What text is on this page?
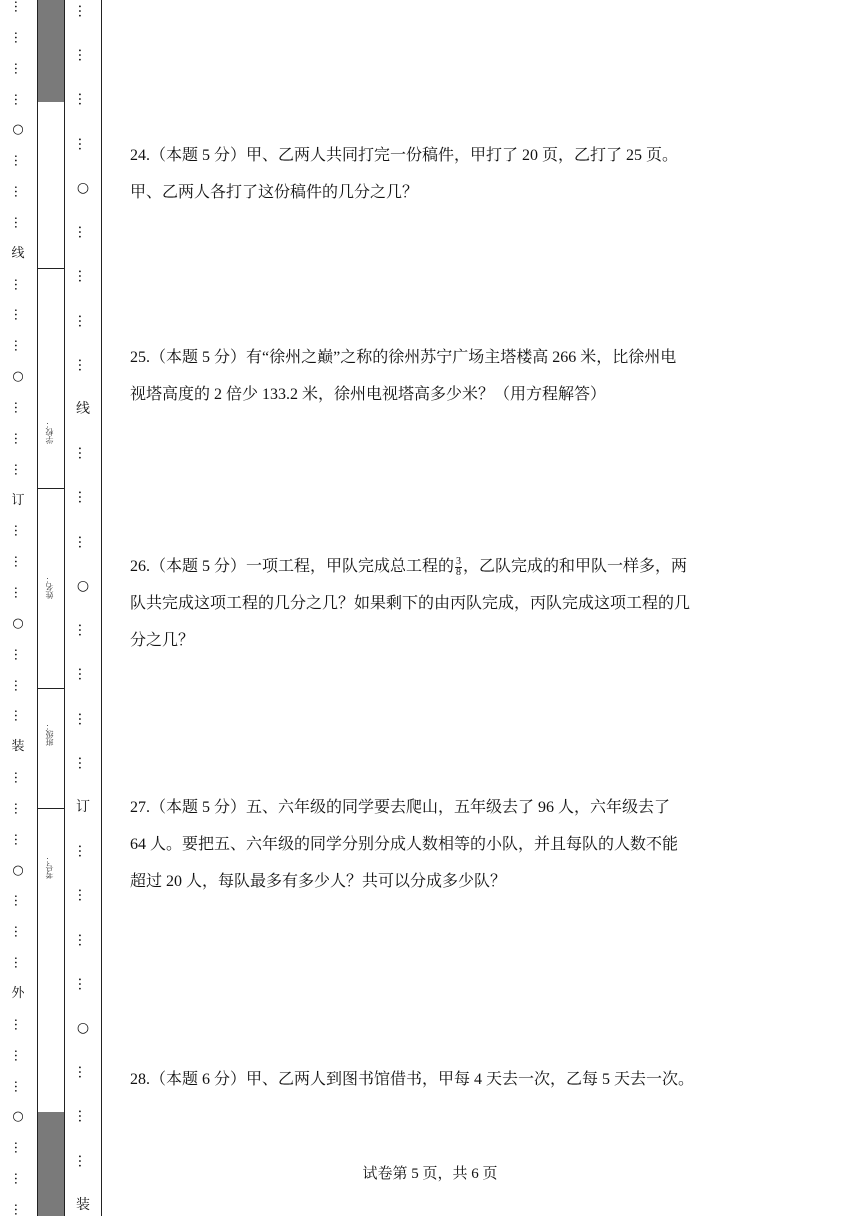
…
…
…
…
○
…
…
…
线
…
…
…
○
…
…
…
订
…
…
…
○
…
…
…
装
…
…
…
○
…
…
…
外
…
…
…
○
…
…
…
学校：
姓名：
班级：
考号：
…
…
…
…
○
…
…
…
…
线
…
…
…
○
…
…
…
…
订
…
…
…
…
○
…
…
…
装
24.（本题 5 分）甲、乙两人共同打完一份稿件，甲打了 20 页，乙打了 25 页。
甲、乙两人各打了这份稿件的几分之几？
25.（本题 5 分）有“徐州之巅”之称的徐州苏宁广场主塔楼高 266 米，比徐州电
视塔高度的 2 倍少 133.2 米，徐州电视塔高多少米？（用方程解答）
26.（本题 5 分）一项工程，甲队完成总工程的 $\frac{3}{8}$ ，乙队完成的和甲队一样多，两
队共完成这项工程的几分之几？如果剩下的由丙队完成，丙队完成这项工程的几
分之几？
27.（本题 5 分）五、六年级的同学要去爬山，五年级去了 96 人，六年级去了
64 人。要把五、六年级的同学分别分成人数相等的小队，并且每队的人数不能
超过 20 人，每队最多有多少人？共可以分成多少队？
28.（本题 6 分）甲、乙两人到图书馆借书，甲每 4 天去一次，乙每 5 天去一次。
试卷第 5 页，共 6 页
